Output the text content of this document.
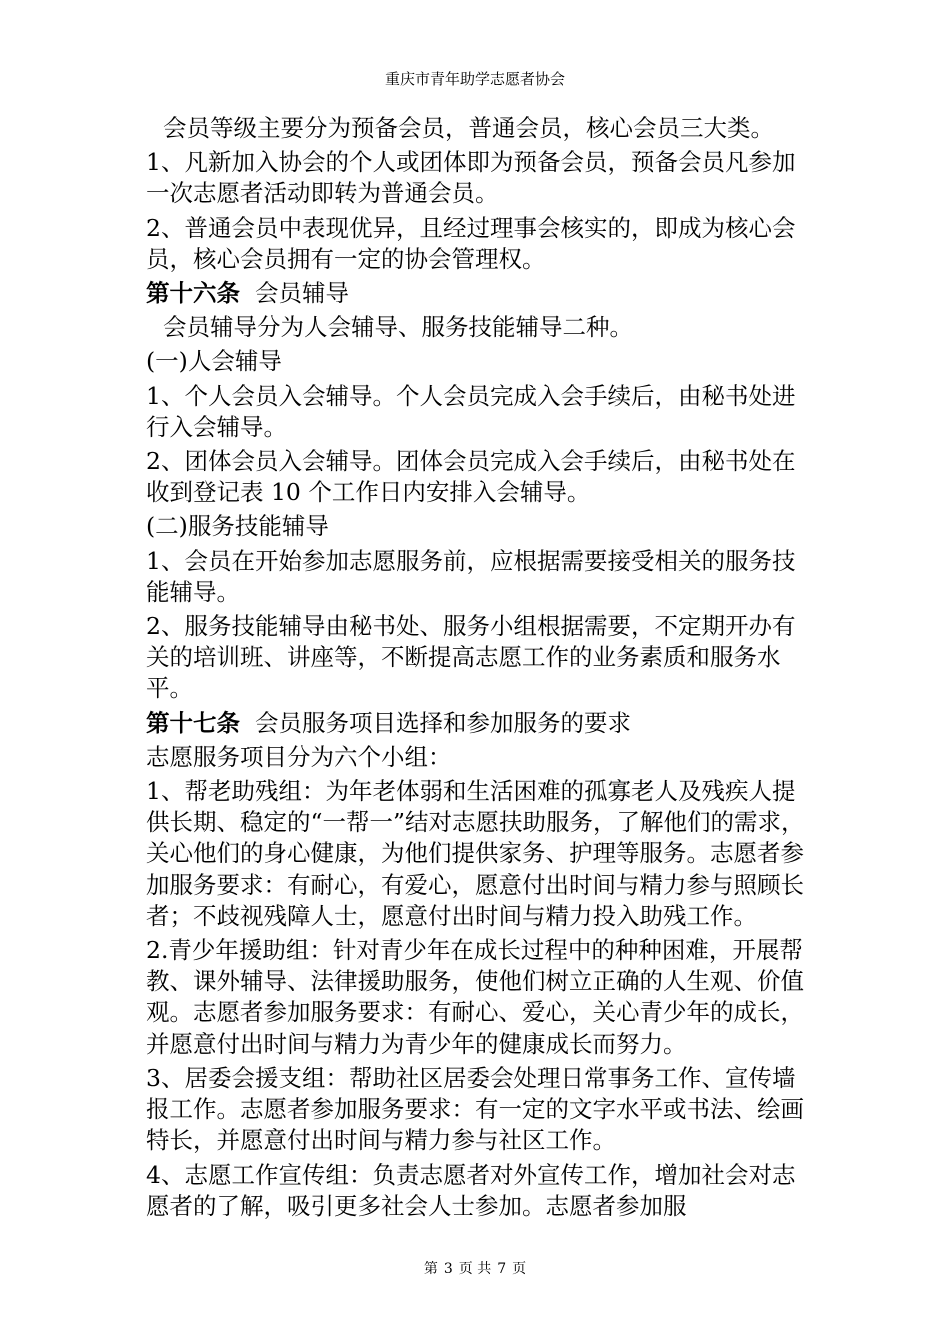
重庆市青年助学志愿者协会
会员等级主要分为预备会员，普通会员，核心会员三大类。
1、凡新加入协会的个人或团体即为预备会员，预备会员凡参加一次志愿者活动即转为普通会员。
2、普通会员中表现优异，且经过理事会核实的，即成为核心会员，核心会员拥有一定的协会管理权。
第十六条  会员辅导
会员辅导分为人会辅导、服务技能辅导二种。
(一)人会辅导
1、个人会员入会辅导。个人会员完成入会手续后，由秘书处进行入会辅导。
2、团体会员入会辅导。团体会员完成入会手续后，由秘书处在收到登记表 10 个工作日内安排入会辅导。
(二)服务技能辅导
1、会员在开始参加志愿服务前，应根据需要接受相关的服务技能辅导。
2、服务技能辅导由秘书处、服务小组根据需要，不定期开办有关的培训班、讲座等，不断提高志愿工作的业务素质和服务水平。
第十七条  会员服务项目选择和参加服务的要求
志愿服务项目分为六个小组：
1、帮老助残组：为年老体弱和生活困难的孤寡老人及残疾人提供长期、稳定的“一帮一”结对志愿扶助服务，了解他们的需求，关心他们的身心健康，为他们提供家务、护理等服务。志愿者参加服务要求：有耐心，有爱心，愿意付出时间与精力参与照顾长者；不歧视残障人士，愿意付出时间与精力投入助残工作。
2.青少年援助组：针对青少年在成长过程中的种种困难，开展帮教、课外辅导、法律援助服务，使他们树立正确的人生观、价值观。志愿者参加服务要求：有耐心、爱心，关心青少年的成长，并愿意付出时间与精力为青少年的健康成长而努力。
3、居委会援支组：帮助社区居委会处理日常事务工作、宣传墙报工作。志愿者参加服务要求：有一定的文字水平或书法、绘画特长，并愿意付出时间与精力参与社区工作。
4、志愿工作宣传组：负责志愿者对外宣传工作，增加社会对志愿者的了解，吸引更多社会人士参加。志愿者参加服
第 3 页 共 7 页
